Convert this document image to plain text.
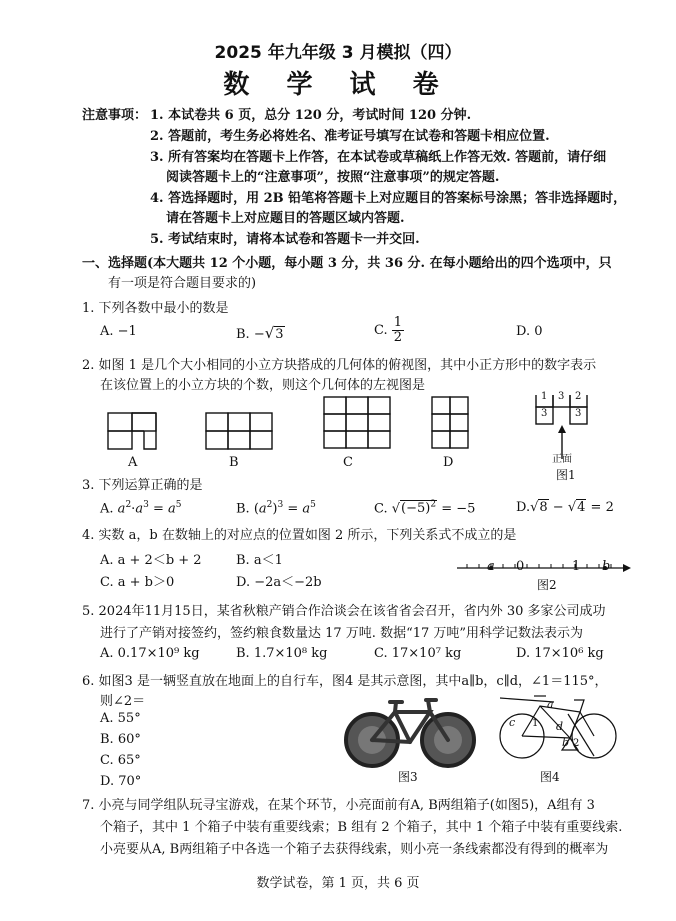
2025 年九年级 3 月模拟（四）
数 学 试 卷
注意事项： 1. 本试卷共 6 页，总分 120 分，考试时间 120 分钟.
2. 答题前，考生务必将姓名、准考证号填写在试卷和答题卡相应位置.
3. 所有答案均在答题卡上作答，在本试卷或草稿纸上作答无效. 答题前，请仔细
阅读答题卡上的“注意事项”，按照“注意事项”的规定答题.
4. 答选择题时，用 2B 铅笔将答题卡上对应题目的答案标号涂黑；答非选择题时，
请在答题卡上对应题目的答题区域内答题.
5. 考试结束时，请将本试卷和答题卡一并交回.
一、选择题(本大题共 12 个小题，每小题 3 分，共 36 分. 在每小题给出的四个选项中，只
有一项是符合题目要求的)
1. 下列各数中最小的数是
A. −1	B. −√3	C. $\frac{1}{2}$	D. 0
2. 如图 1 是几个大小相同的小立方块搭成的几何体的俯视图，其中小正方形中的数字表示
在该位置上的小立方块的个数，则这个几何体的左视图是
A	B	C	D
1 3 2
3	3
正面
图1
3. 下列运算正确的是
A. $a^2\cdot a^3 = a^5$	B. $(a^2)^3 = a^5$	C. $√(-5)^2 = -5$	D.√8 − √4 = 2
4. 实数 a，b 在数轴上的对应点的位置如图 2 所示，下列关系式不成立的是
A. a + 2＜b + 2	B. a＜1
C. a + b＞0	D. −2a＜−2b
a 0	1 b
图2
5. 2024年11月15日，某省秋粮产销合作洽谈会在该省省会召开，省内外 30 多家公司成功
进行了产销对接签约，签约粮食数量达 17 万吨. 数据“17 万吨”用科学记数法表示为
A. 0.17×10⁹ kg	B. 1.7×10⁸ kg	C. 17×10⁷ kg	D. 17×10⁶ kg
6. 如图3 是一辆竖直放在地面上的自行车，图4 是其示意图，其中a∥b，c∥d，∠1＝115°，
则∠2＝
A. 55°
B. 60°
C. 65°
D. 70°	图3
c
a
1 d
b 2
图4
7. 小亮与同学组队玩寻宝游戏，在某个环节，小亮面前有A, B两组箱子(如图5)，A组有 3
个箱子，其中 1 个箱子中装有重要线索；B 组有 2 个箱子，其中 1 个箱子中装有重要线索.
小亮要从A, B两组箱子中各选一个箱子去获得线索，则小亮一条线索都没有得到的概率为
数学试卷，第 1 页，共 6 页
